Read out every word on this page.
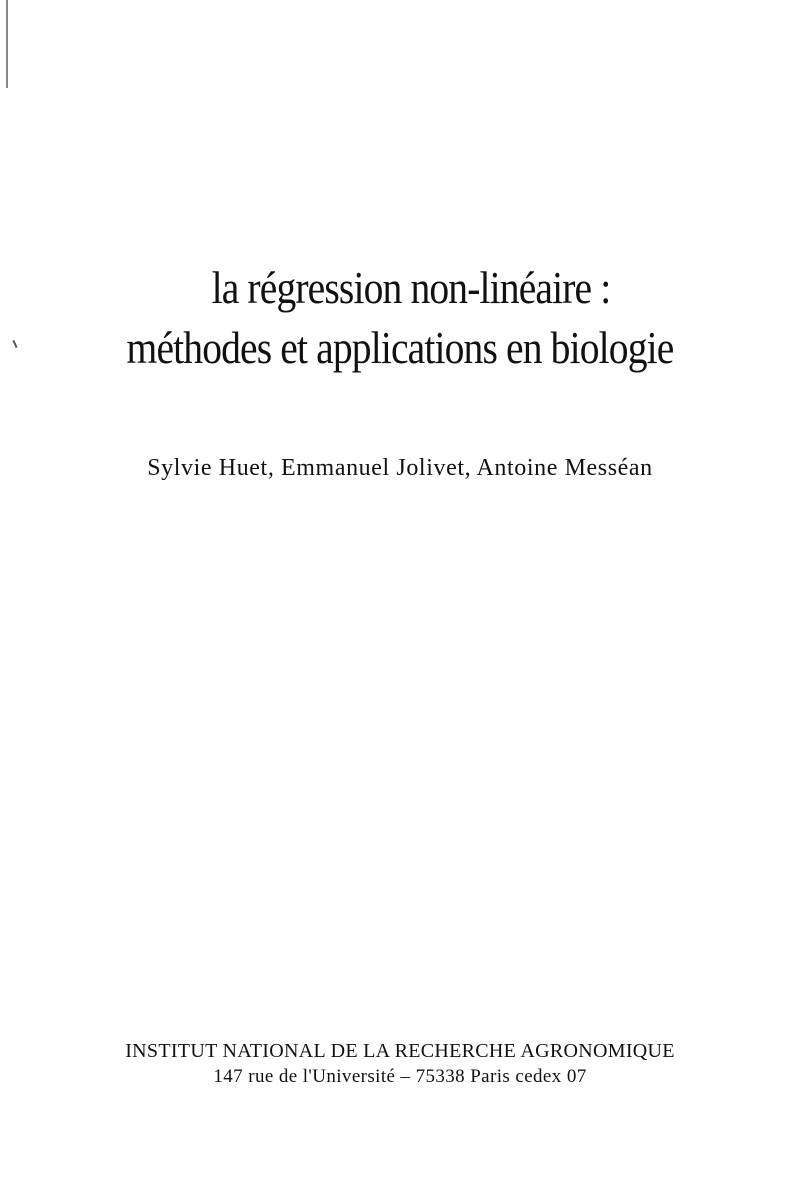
la régression non-linéaire :
méthodes et applications en biologie
Sylvie Huet, Emmanuel Jolivet, Antoine Messéan
INSTITUT NATIONAL DE LA RECHERCHE AGRONOMIQUE
147 rue de l'Université – 75338 Paris cedex 07
